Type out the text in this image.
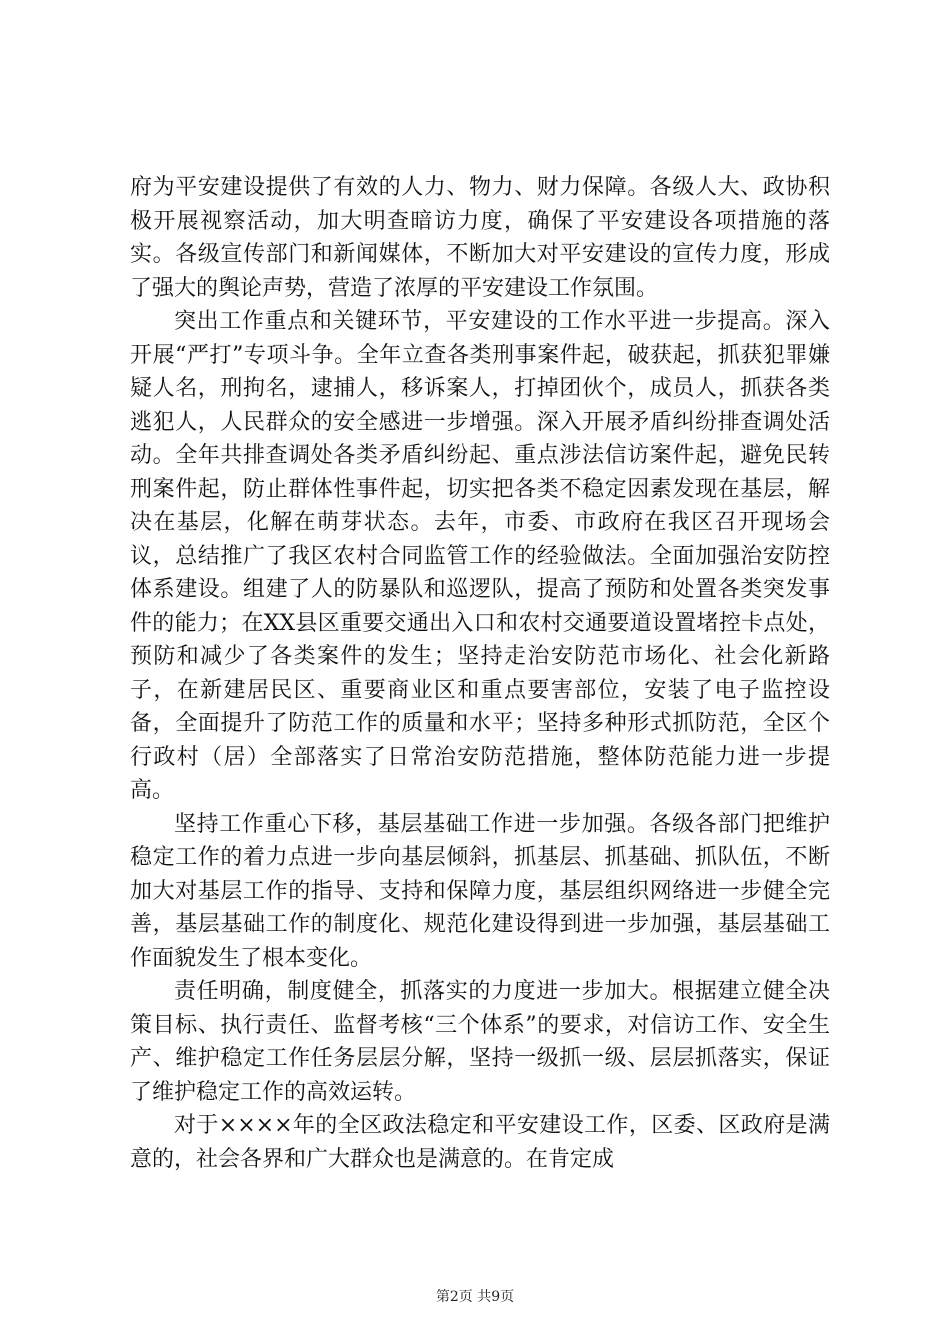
府为平安建设提供了有效的人力、物力、财力保障。各级人大、政协积极开展视察活动，加大明查暗访力度，确保了平安建设各项措施的落实。各级宣传部门和新闻媒体，不断加大对平安建设的宣传力度，形成了强大的舆论声势，营造了浓厚的平安建设工作氛围。

突出工作重点和关键环节，平安建设的工作水平进一步提高。深入开展“严打”专项斗争。全年立查各类刑事案件起，破获起，抓获犯罪嫌疑人名，刑拘名，逮捕人，移诉案人，打掉团伙个，成员人，抓获各类逃犯人，人民群众的安全感进一步增强。深入开展矛盾纠纷排查调处活动。全年共排查调处各类矛盾纠纷起、重点涉法信访案件起，避免民转刑案件起，防止群体性事件起，切实把各类不稳定因素发现在基层，解决在基层，化解在萌芽状态。去年，市委、市政府在我区召开现场会议，总结推广了我区农村合同监管工作的经验做法。全面加强治安防控体系建设。组建了人的防暴队和巡逻队，提高了预防和处置各类突发事件的能力；在XX县区重要交通出入口和农村交通要道设置堵控卡点处，预防和减少了各类案件的发生；坚持走治安防范市场化、社会化新路子，在新建居民区、重要商业区和重点要害部位，安装了电子监控设备，全面提升了防范工作的质量和水平；坚持多种形式抓防范，全区个行政村（居）全部落实了日常治安防范措施，整体防范能力进一步提高。

坚持工作重心下移，基层基础工作进一步加强。各级各部门把维护稳定工作的着力点进一步向基层倾斜，抓基层、抓基础、抓队伍，不断加大对基层工作的指导、支持和保障力度，基层组织网络进一步健全完善，基层基础工作的制度化、规范化建设得到进一步加强，基层基础工作面貌发生了根本变化。

责任明确，制度健全，抓落实的力度进一步加大。根据建立健全决策目标、执行责任、监督考核“三个体系”的要求，对信访工作、安全生产、维护稳定工作任务层层分解，坚持一级抓一级、层层抓落实，保证了维护稳定工作的高效运转。

对于××××年的全区政法稳定和平安建设工作，区委、区政府是满意的，社会各界和广大群众也是满意的。在肯定成

第2页 共9页
